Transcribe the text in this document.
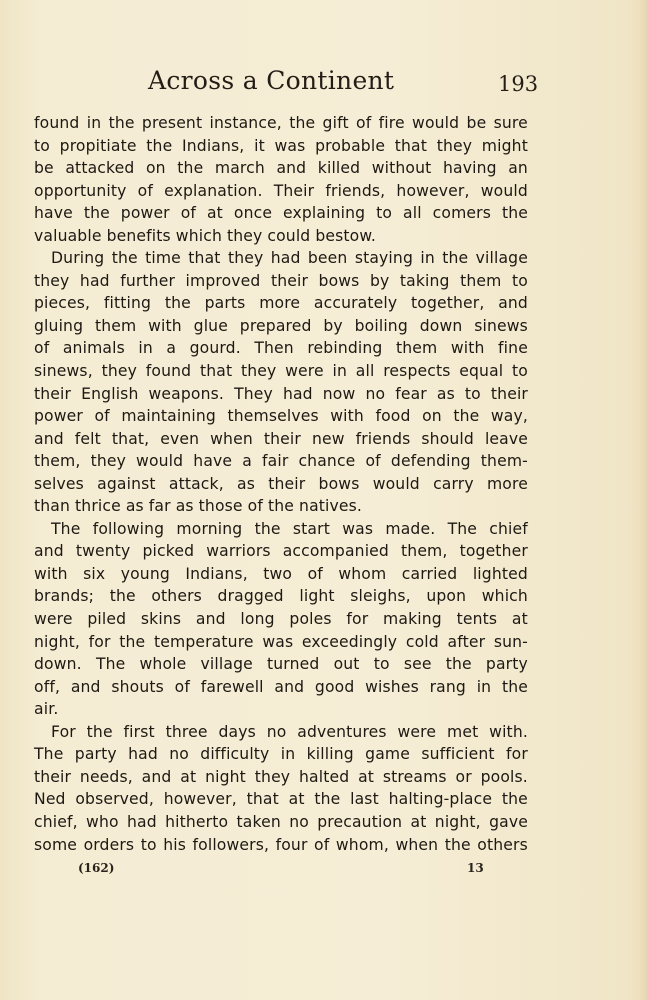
Across a Continent	193
found in the present instance, the gift of fire would be sure
to propitiate the Indians, it was probable that they might
be attacked on the march and killed without having an
opportunity of explanation. Their friends, however, would
have the power of at once explaining to all comers the
valuable benefits which they could bestow.
During the time that they had been staying in the village
they had further improved their bows by taking them to
pieces, fitting the parts more accurately together, and
gluing them with glue prepared by boiling down sinews
of animals in a gourd. Then rebinding them with fine
sinews, they found that they were in all respects equal to
their English weapons. They had now no fear as to their
power of maintaining themselves with food on the way,
and felt that, even when their new friends should leave
them, they would have a fair chance of defending them-
selves against attack, as their bows would carry more
than thrice as far as those of the natives.
The following morning the start was made. The chief
and twenty picked warriors accompanied them, together
with six young Indians, two of whom carried lighted
brands; the others dragged light sleighs, upon which
were piled skins and long poles for making tents at
night, for the temperature was exceedingly cold after sun-
down. The whole village turned out to see the party
off, and shouts of farewell and good wishes rang in the
air.
For the first three days no adventures were met with.
The party had no difficulty in killing game sufficient for
their needs, and at night they halted at streams or pools.
Ned observed, however, that at the last halting-place the
chief, who had hitherto taken no precaution at night, gave
some orders to his followers, four of whom, when the others
(162)	13
